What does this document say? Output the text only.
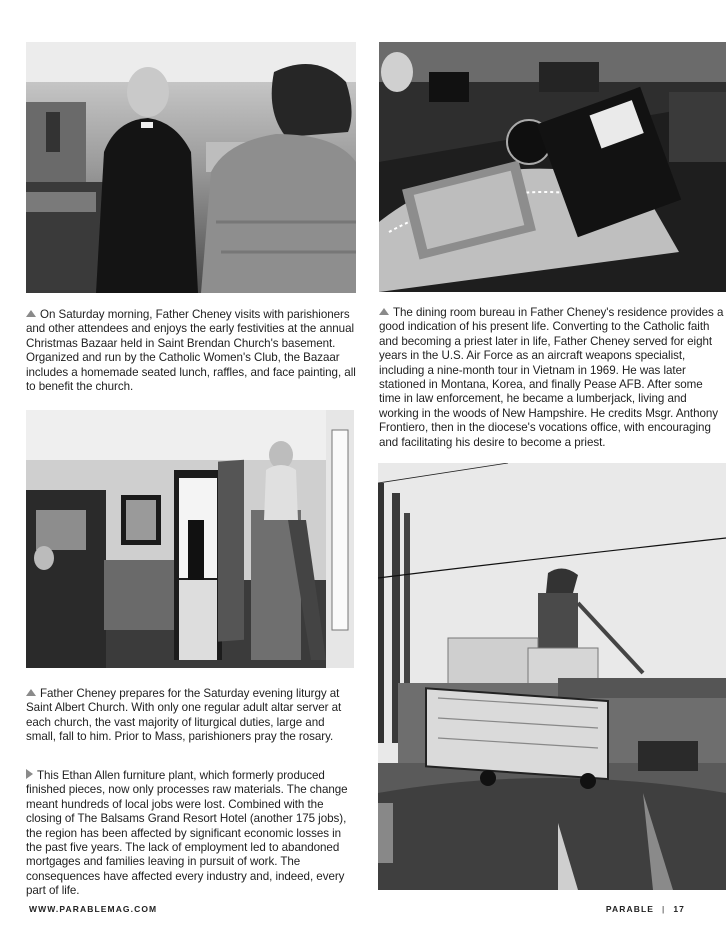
On Saturday morning, Father Cheney visits with parishioners and other attendees and enjoys the early festivities at the annual Christmas Bazaar held in Saint Brendan Church's basement. Organized and run by the Catholic Women's Club, the Bazaar includes a homemade seated lunch, raffles, and face painting, all to benefit the church.

The dining room bureau in Father Cheney's residence provides a good indication of his present life. Converting to the Catholic faith and becoming a priest later in life, Father Cheney served for eight years in the U.S. Air Force as an aircraft weapons specialist, including a nine-month tour in Vietnam in 1969. He was later stationed in Montana, Korea, and finally Pease AFB. After some time in law enforcement, he became a lumberjack, living and working in the woods of New Hampshire. He credits Msgr. Anthony Frontiero, then in the diocese's vocations office, with encouraging and facilitating his desire to become a priest.

Father Cheney prepares for the Saturday evening liturgy at Saint Albert Church. With only one regular adult altar server at each church, the vast majority of liturgical duties, large and small, fall to him. Prior to Mass, parishioners pray the rosary.

This Ethan Allen furniture plant, which formerly produced finished pieces, now only processes raw materials. The change meant hundreds of local jobs were lost. Combined with the closing of The Balsams Grand Resort Hotel (another 175 jobs), the region has been affected by significant economic losses in the past five years. The lack of employment led to abandoned mortgages and families leaving in pursuit of work. The consequences have affected every industry and, indeed, every part of life.

WWW.PARABLEMAG.COM	PARABLE | 17
